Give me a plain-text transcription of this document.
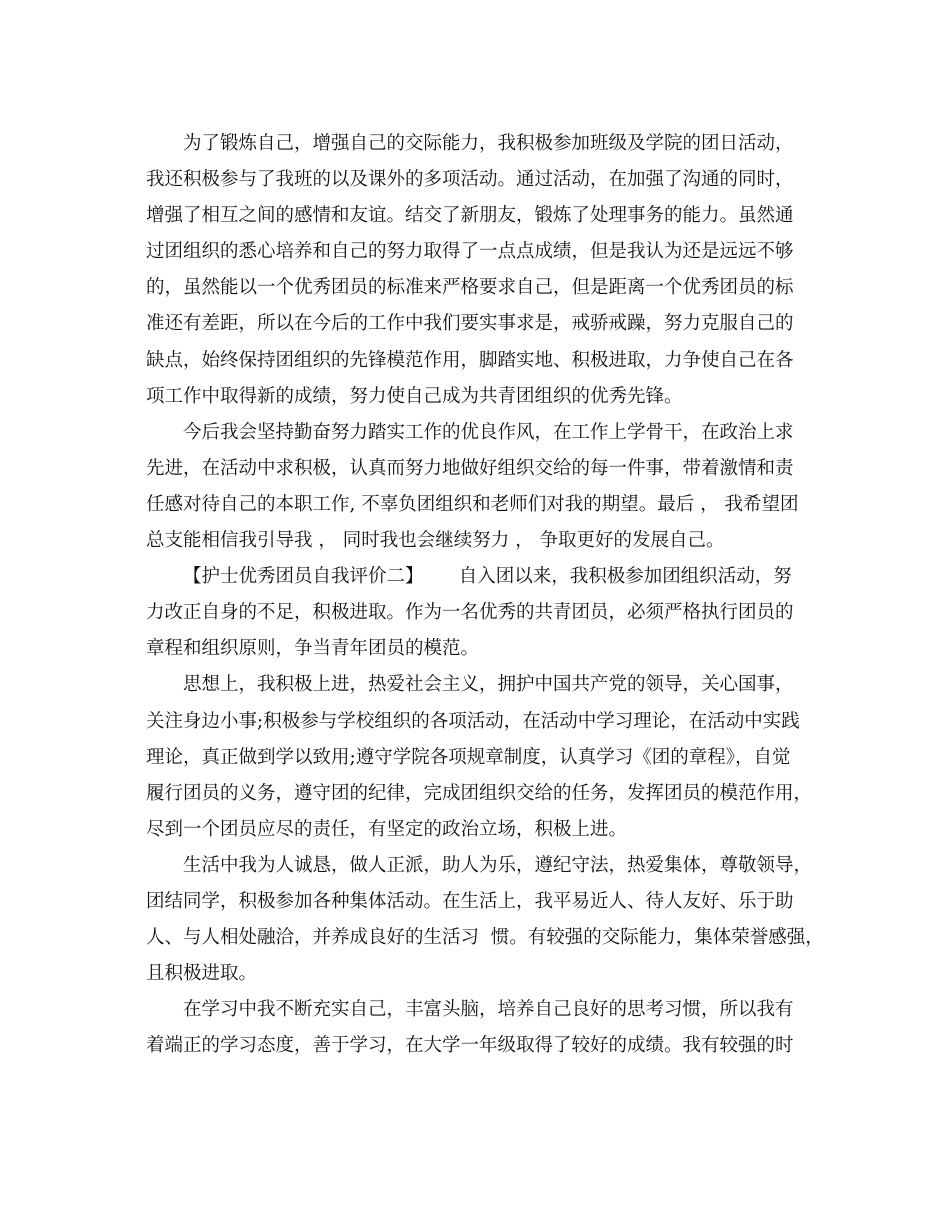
为了锻炼自己，增强自己的交际能力，我积极参加班级及学院的团日活动，
我还积极参与了我班的以及课外的多项活动。通过活动，在加强了沟通的同时，
增强了相互之间的感情和友谊。结交了新朋友，锻炼了处理事务的能力。虽然通
过团组织的悉心培养和自己的努力取得了一点点成绩，但是我认为还是远远不够
的，虽然能以一个优秀团员的标准来严格要求自己，但是距离一个优秀团员的标
准还有差距，所以在今后的工作中我们要实事求是，戒骄戒躁，努力克服自己的
缺点，始终保持团组织的先锋模范作用，脚踏实地、积极进取，力争使自己在各
项工作中取得新的成绩，努力使自己成为共青团组织的优秀先锋。
今后我会坚持勤奋努力踏实工作的优良作风，在工作上学骨干，在政治上求
先进，在活动中求积极，认真而努力地做好组织交给的每一件事，带着激情和责
任感对待自己的本职工作, 不辜负团组织和老师们对我的期望。最后 ， 我希望团
总支能相信我引导我 ， 同时我也会继续努力 ， 争取更好的发展自己。
【护士优秀团员自我评价二】      自入团以来，我积极参加团组织活动，努
力改正自身的不足，积极进取。作为一名优秀的共青团员，必须严格执行团员的
章程和组织原则，争当青年团员的模范。
思想上，我积极上进，热爱社会主义，拥护中国共产党的领导，关心国事，
关注身边小事;积极参与学校组织的各项活动，在活动中学习理论，在活动中实践
理论，真正做到学以致用;遵守学院各项规章制度，认真学习《团的章程》，自觉
履行团员的义务，遵守团的纪律，完成团组织交给的任务，发挥团员的模范作用，
尽到一个团员应尽的责任，有坚定的政治立场，积极上进。
生活中我为人诚恳，做人正派，助人为乐，遵纪守法，热爱集体，尊敬领导，
团结同学，积极参加各种集体活动。在生活上，我平易近人、待人友好、乐于助
人、与人相处融洽，并养成良好的生活习  惯。有较强的交际能力，集体荣誉感强，
且积极进取。
在学习中我不断充实自己，丰富头脑，培养自己良好的思考习惯，所以我有
着端正的学习态度，善于学习，在大学一年级取得了较好的成绩。我有较强的时
